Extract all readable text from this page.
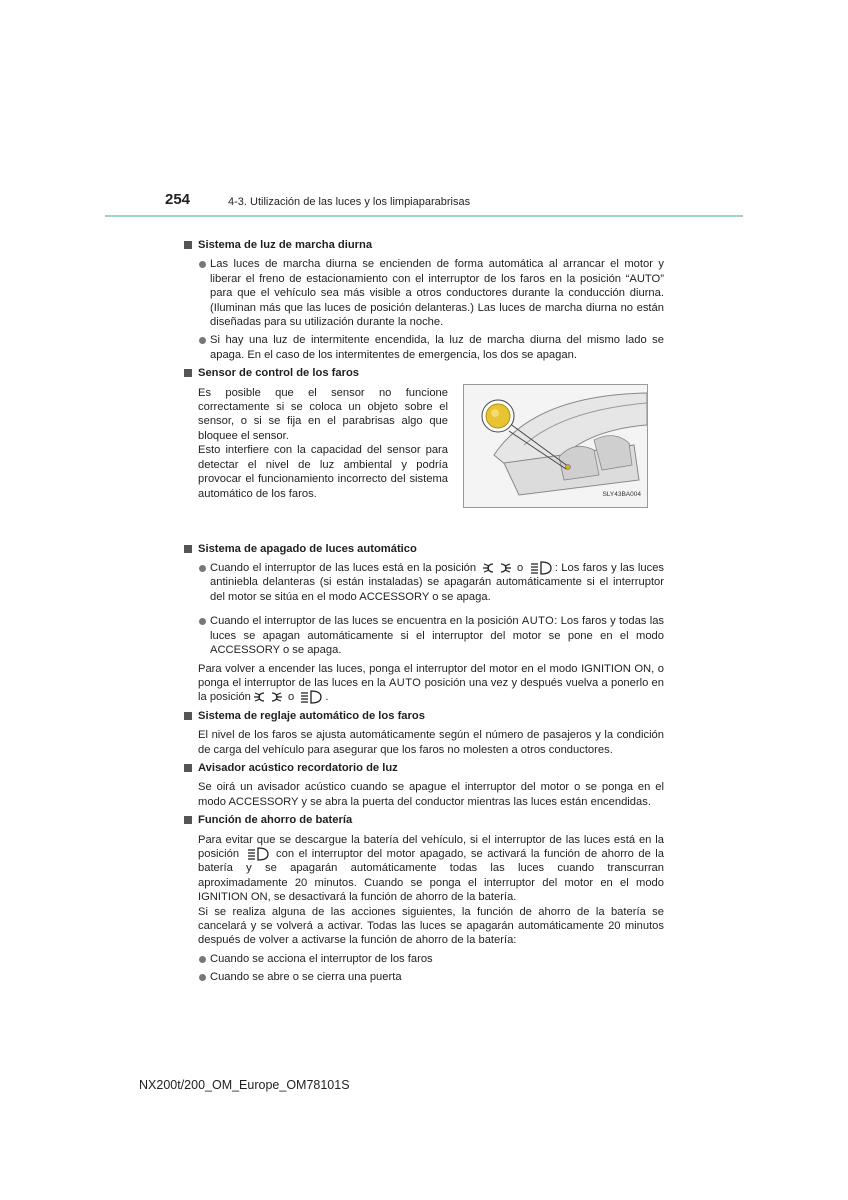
254	4-3. Utilización de las luces y los limpiaparabrisas
Sistema de luz de marcha diurna
Las luces de marcha diurna se encienden de forma automática al arrancar el motor y liberar el freno de estacionamiento con el interruptor de los faros en la posición “AUTO” para que el vehículo sea más visible a otros conductores durante la conducción diurna. (Iluminan más que las luces de posición delanteras.) Las luces de marcha diurna no están diseñadas para su utilización durante la noche.
Si hay una luz de intermitente encendida, la luz de marcha diurna del mismo lado se apaga. En el caso de los intermitentes de emergencia, los dos se apagan.
Sensor de control de los faros
Es posible que el sensor no funcione correctamente si se coloca un objeto sobre el sensor, o si se fija en el parabrisas algo que bloquee el sensor.
Esto interfiere con la capacidad del sensor para detectar el nivel de luz ambiental y podría provocar el funcionamiento incorrecto del sistema automático de los faros.	SLY43BA004
Sistema de apagado de luces automático
Cuando el interruptor de las luces está en la posición	o	: Los faros y las luces antiniebla delanteras (si están instaladas) se apagarán automáticamente si el interruptor del motor se sitúa en el modo ACCESSORY o se apaga.
Cuando el interruptor de las luces se encuentra en la posición AUTO: Los faros y todas las luces se apagan automáticamente si el interruptor del motor se pone en el modo ACCESSORY o se apaga.
Para volver a encender las luces, ponga el interruptor del motor en el modo IGNITION ON, o ponga el interruptor de las luces en la AUTO posición una vez y después vuelva a ponerlo en la posición	o	.
Sistema de reglaje automático de los faros
El nivel de los faros se ajusta automáticamente según el número de pasajeros y la condición de carga del vehículo para asegurar que los faros no molesten a otros conductores.
Avisador acústico recordatorio de luz
Se oirá un avisador acústico cuando se apague el interruptor del motor o se ponga en el modo ACCESSORY y se abra la puerta del conductor mientras las luces están encendidas.
Función de ahorro de batería
Para evitar que se descargue la batería del vehículo, si el interruptor de las luces está en la posición	con el interruptor del motor apagado, se activará la función de ahorro de la batería y se apagarán automáticamente todas las luces cuando transcurran aproximadamente 20 minutos. Cuando se ponga el interruptor del motor en el modo IGNITION ON, se desactivará la función de ahorro de la batería.
Si se realiza alguna de las acciones siguientes, la función de ahorro de la batería se cancelará y se volverá a activar. Todas las luces se apagarán automáticamente 20 minutos después de volver a activarse la función de ahorro de la batería:
Cuando se acciona el interruptor de los faros
Cuando se abre o se cierra una puerta
NX200t/200_OM_Europe_OM78101S
